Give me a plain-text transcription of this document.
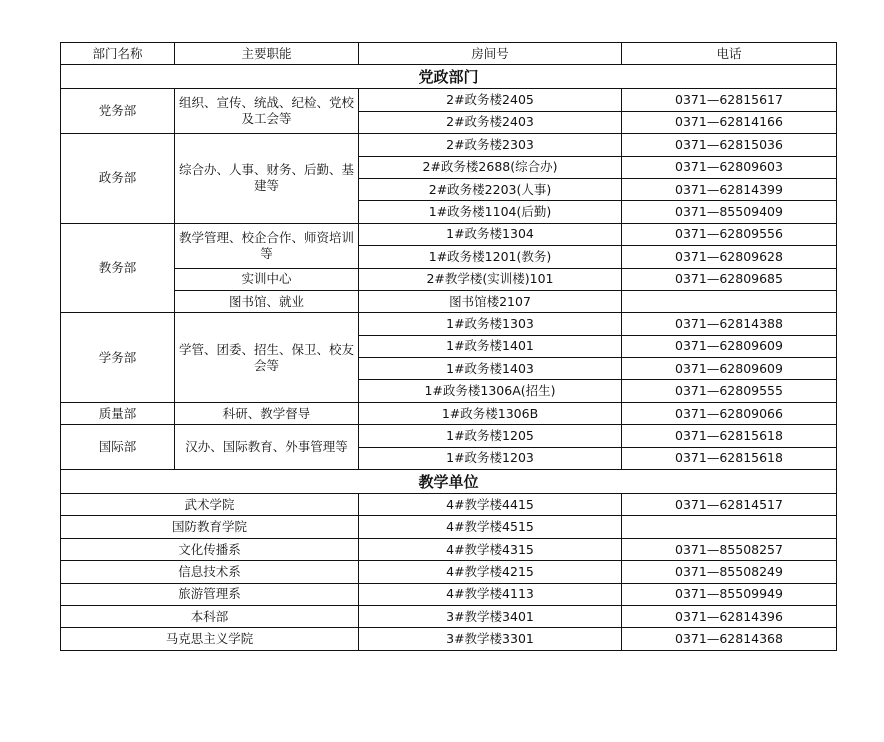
部门名称	主要职能	房间号	电话
党政部门			
党务部	组织、宣传、统战、纪检、党校及工会等	2#政务楼2405	0371—62815617
		2#政务楼2403	0371—62814166
政务部	综合办、人事、财务、后勤、基建等	2#政务楼2303	0371—62815036
		2#政务楼2688(综合办)	0371—62809603
		2#政务楼2203(人事)	0371—62814399
		1#政务楼1104(后勤)	0371—85509409
教务部	教学管理、校企合作、师资培训等	1#政务楼1304	0371—62809556
		1#政务楼1201(教务)	0371—62809628
	实训中心	2#教学楼(实训楼)101	0371—62809685
	图书馆、就业	图书馆楼2107	
学务部	学管、团委、招生、保卫、校友会等	1#政务楼1303	0371—62814388
		1#政务楼1401	0371—62809609
		1#政务楼1403	0371—62809609
		1#政务楼1306A(招生)	0371—62809555
质量部	科研、教学督导	1#政务楼1306B	0371—62809066
国际部	汉办、国际教育、外事管理等	1#政务楼1205	0371—62815618
		1#政务楼1203	0371—62815618
教学单位			
武术学院		4#教学楼4415	0371—62814517
国防教育学院		4#教学楼4515	
文化传播系		4#教学楼4315	0371—85508257
信息技术系		4#教学楼4215	0371—85508249
旅游管理系		4#教学楼4113	0371—85509949
本科部		3#教学楼3401	0371—62814396
马克思主义学院		3#教学楼3301	0371—62814368
